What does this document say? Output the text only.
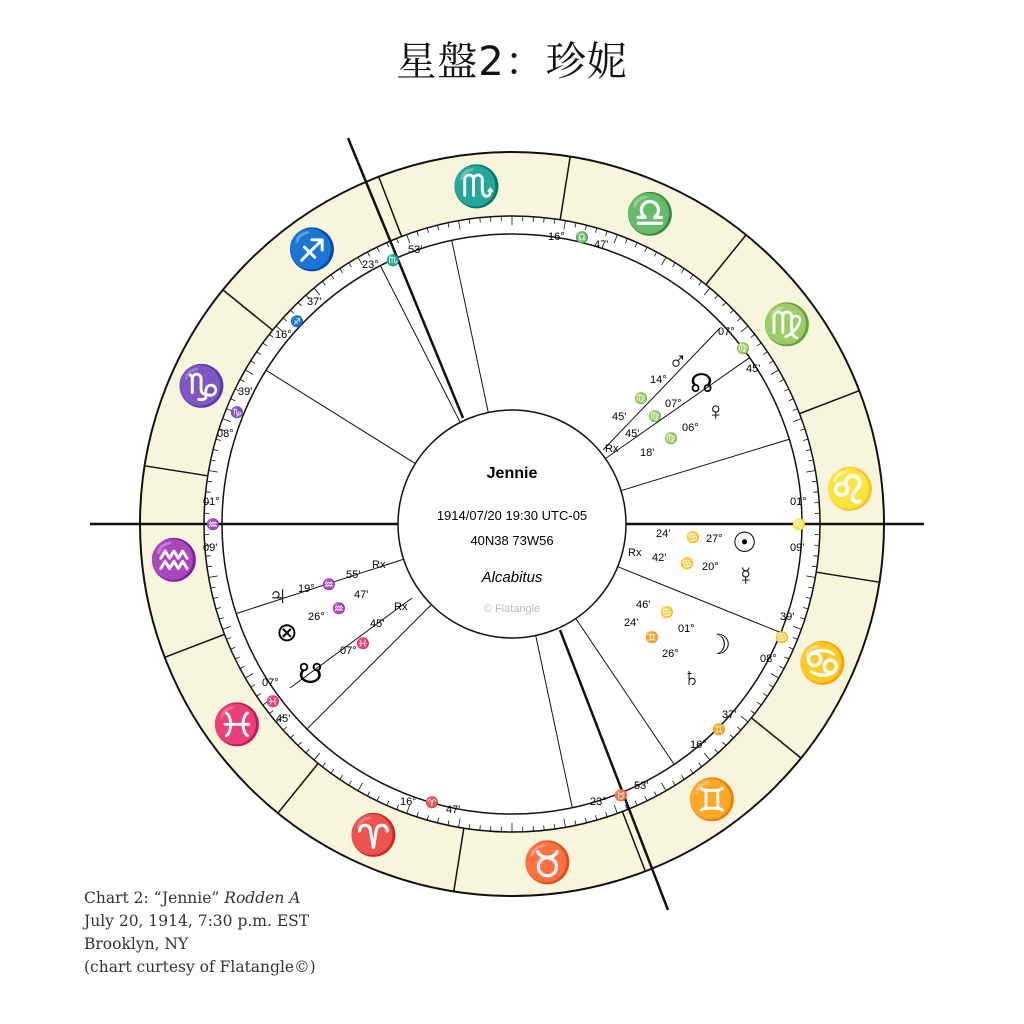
星盤2：珍妮
♏
♎
♍
♌
♋
♊
♉
♈
♓
♒
♑
♐
Jennie
1914/07/20 19:30 UTC-05
40N38 73W56
Alcabitus
© Flatangle
01°
♒
09'
07°
♓
45'
16° ♈
47'
23° ♉
53'
16°
♊
37'
08°
♋
39'
01°
♌
09'
07°
♍
45'
16° ♎
47'
23° ♏
53'
16°
♐
37'
39'
♑
08°
♂
14°
♍
45'
☊
07°
♍
45'
Rx
♀
06°
♍
18'
☉
24' ♋ 27°
☿
Rx 42' ♋ 20°
☽
46'
♋
01°
♄
24'
♊
26°
♃ 19° ♒
55'
Rx
⊗ 26°
♒
47'
☋
07°
♓
45'
Rx
Chart 2: “Jennie” Rodden A
July 20, 1914, 7:30 p.m. EST
Brooklyn, NY
(chart curtesy of Flatangle©)
